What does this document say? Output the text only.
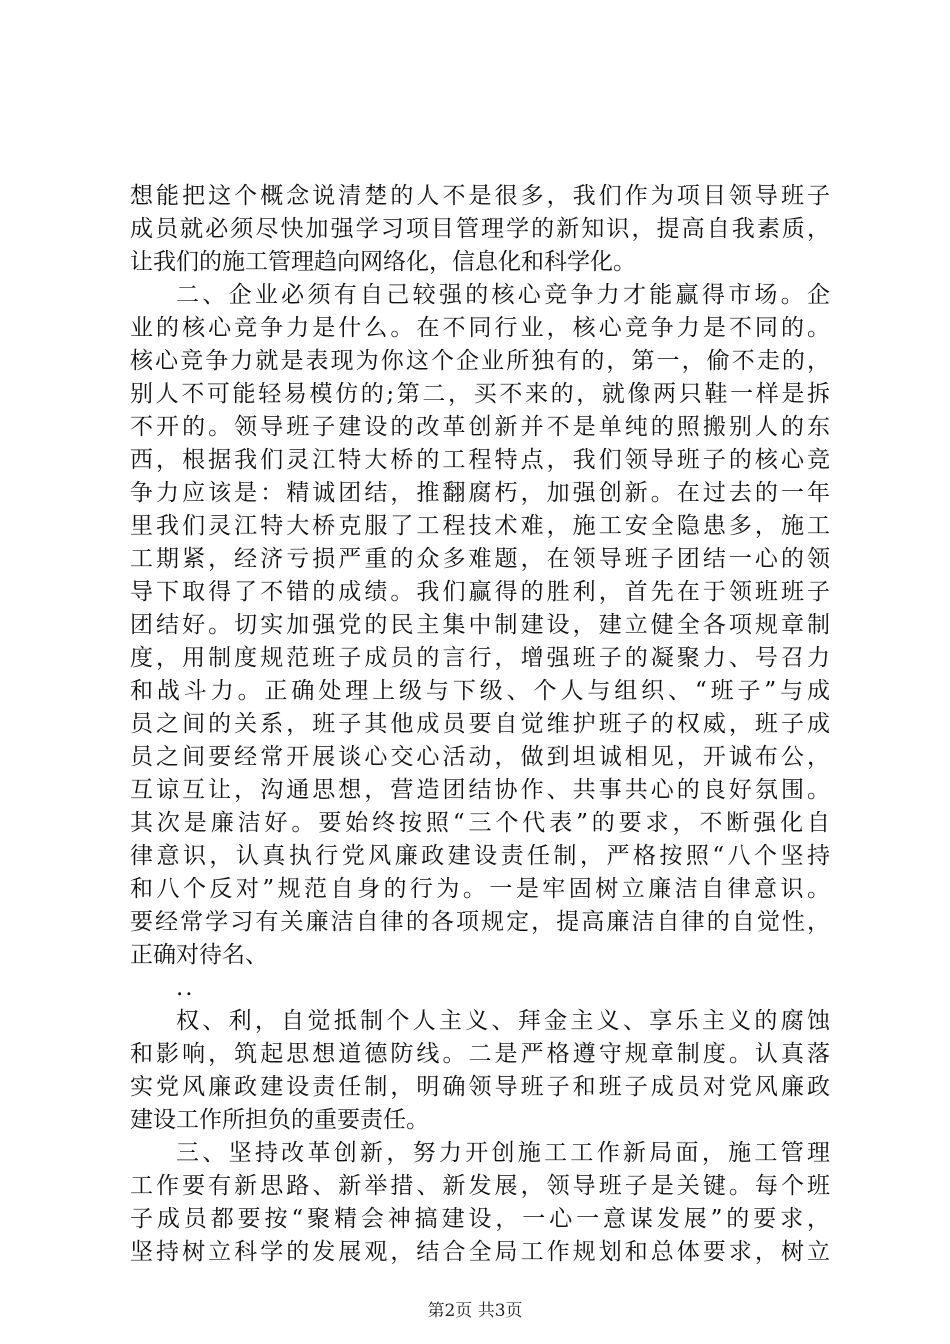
想能把这个概念说清楚的人不是很多，我们作为项目领导班子
成员就必须尽快加强学习项目管理学的新知识，提高自我素质，
让我们的施工管理趋向网络化，信息化和科学化。
二、企业必须有自己较强的核心竞争力才能赢得市场。企
业的核心竞争力是什么。在不同行业，核心竞争力是不同的。
核心竞争力就是表现为你这个企业所独有的，第一，偷不走的，
别人不可能轻易模仿的;第二，买不来的，就像两只鞋一样是拆
不开的。领导班子建设的改革创新并不是单纯的照搬别人的东
西，根据我们灵江特大桥的工程特点，我们领导班子的核心竞
争力应该是：精诚团结，推翻腐朽，加强创新。在过去的一年
里我们灵江特大桥克服了工程技术难，施工安全隐患多，施工
工期紧，经济亏损严重的众多难题，在领导班子团结一心的领
导下取得了不错的成绩。我们赢得的胜利，首先在于领班班子
团结好。切实加强党的民主集中制建设，建立健全各项规章制
度，用制度规范班子成员的言行，增强班子的凝聚力、号召力
和战斗力。正确处理上级与下级、个人与组织、“班子”与成
员之间的关系，班子其他成员要自觉维护班子的权威，班子成
员之间要经常开展谈心交心活动，做到坦诚相见，开诚布公，
互谅互让，沟通思想，营造团结协作、共事共心的良好氛围。
其次是廉洁好。要始终按照“三个代表”的要求，不断强化自
律意识，认真执行党风廉政建设责任制，严格按照“八个坚持
和八个反对”规范自身的行为。一是牢固树立廉洁自律意识。
要经常学习有关廉洁自律的各项规定，提高廉洁自律的自觉性，
正确对待名、
..
权、利，自觉抵制个人主义、拜金主义、享乐主义的腐蚀
和影响，筑起思想道德防线。二是严格遵守规章制度。认真落
实党风廉政建设责任制，明确领导班子和班子成员对党风廉政
建设工作所担负的重要责任。
三、坚持改革创新，努力开创施工工作新局面，施工管理
工作要有新思路、新举措、新发展，领导班子是关键。每个班
子成员都要按“聚精会神搞建设，一心一意谋发展”的要求，
坚持树立科学的发展观，结合全局工作规划和总体要求，树立
第2页 共3页
